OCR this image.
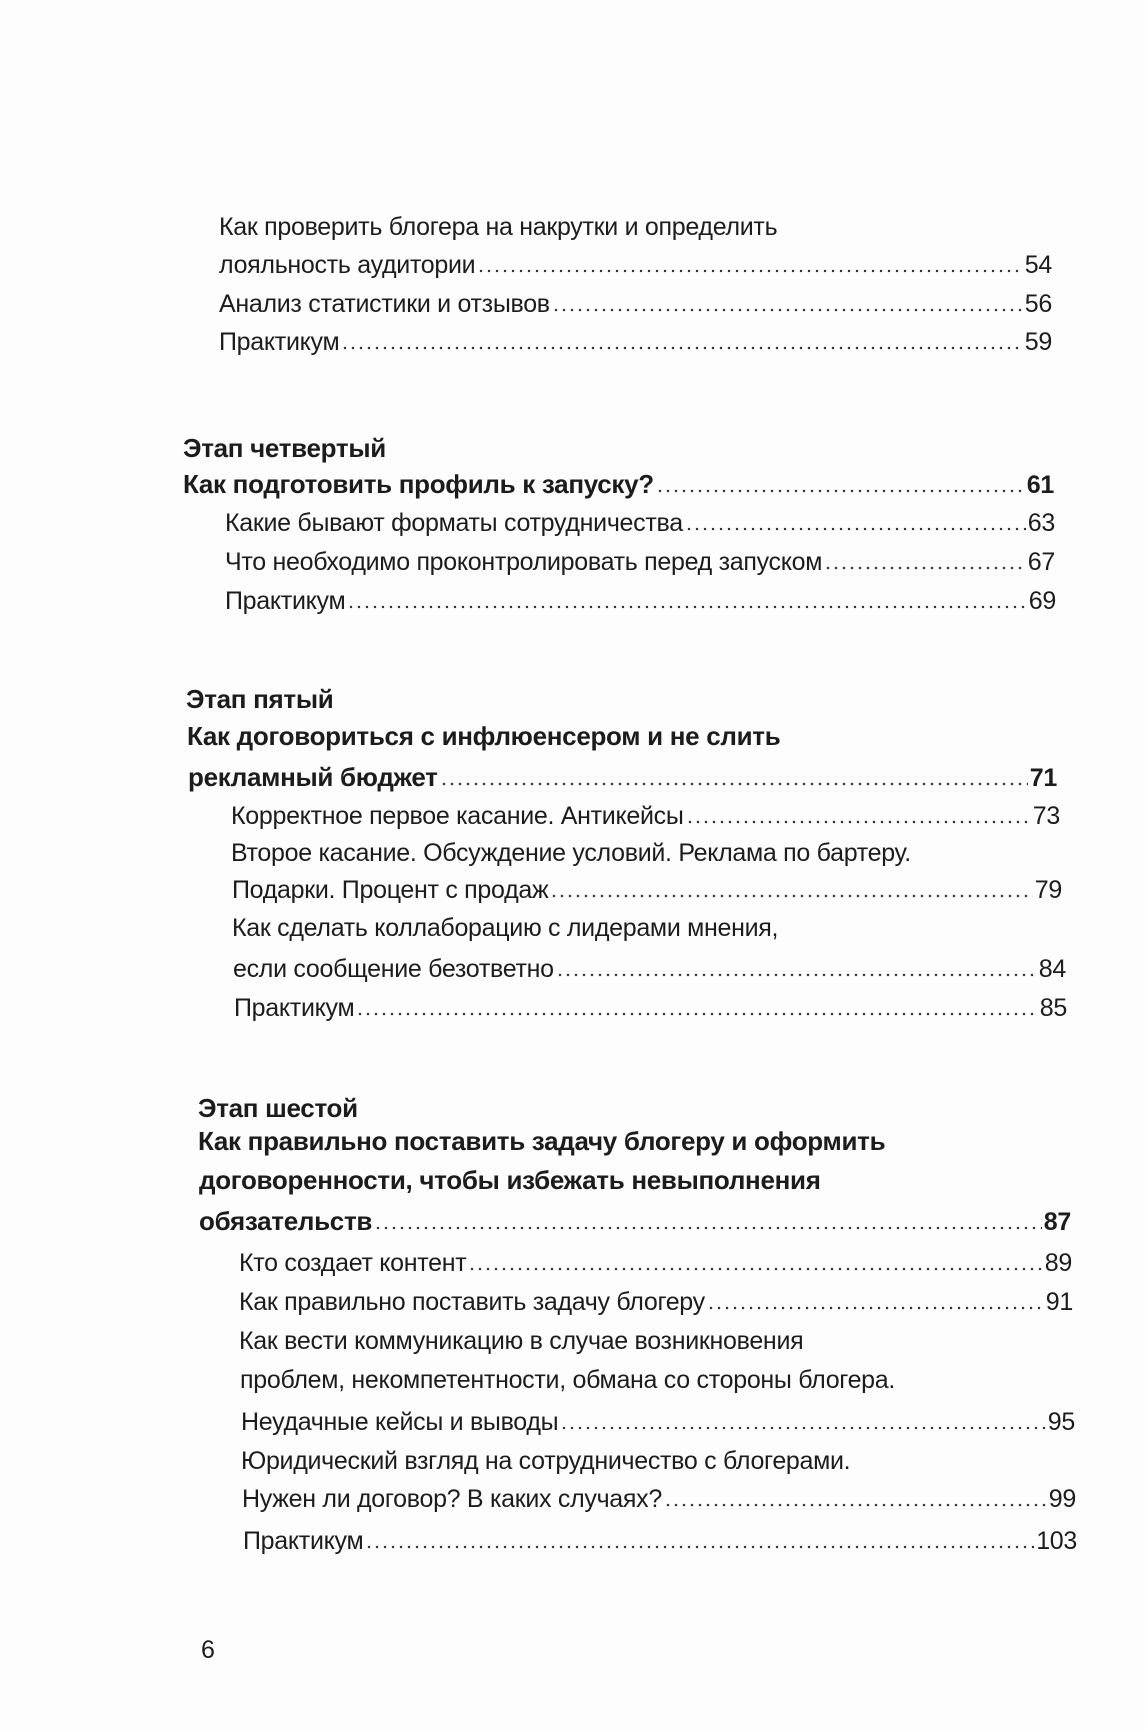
Как проверить блогера на накрутки и определить
лояльность аудитории	54
Анализ статистики и отзывов	56
Практикум	59
Этап четвертый
Как подготовить профиль к запуску?	61
Какие бывают форматы сотрудничества	63
Что необходимо проконтролировать перед запуском	67
Практикум	69
Этап пятый
Как договориться с инфлюенсером и не слить
рекламный бюджет	71
Корректное первое касание. Антикейсы	73
Второе касание. Обсуждение условий. Реклама по бартеру.
Подарки. Процент с продаж	79
Как сделать коллаборацию с лидерами мнения,
если сообщение безответно	84
Практикум	85
Этап шестой
Как правильно поставить задачу блогеру и оформить
договоренности, чтобы избежать невыполнения
обязательств	87
Кто создает контент	89
Как правильно поставить задачу блогеру	91
Как вести коммуникацию в случае возникновения
проблем, некомпетентности, обмана со стороны блогера.
Неудачные кейсы и выводы	95
Юридический взгляд на сотрудничество с блогерами.
Нужен ли договор? В каких случаях?	99
Практикум	103
6
